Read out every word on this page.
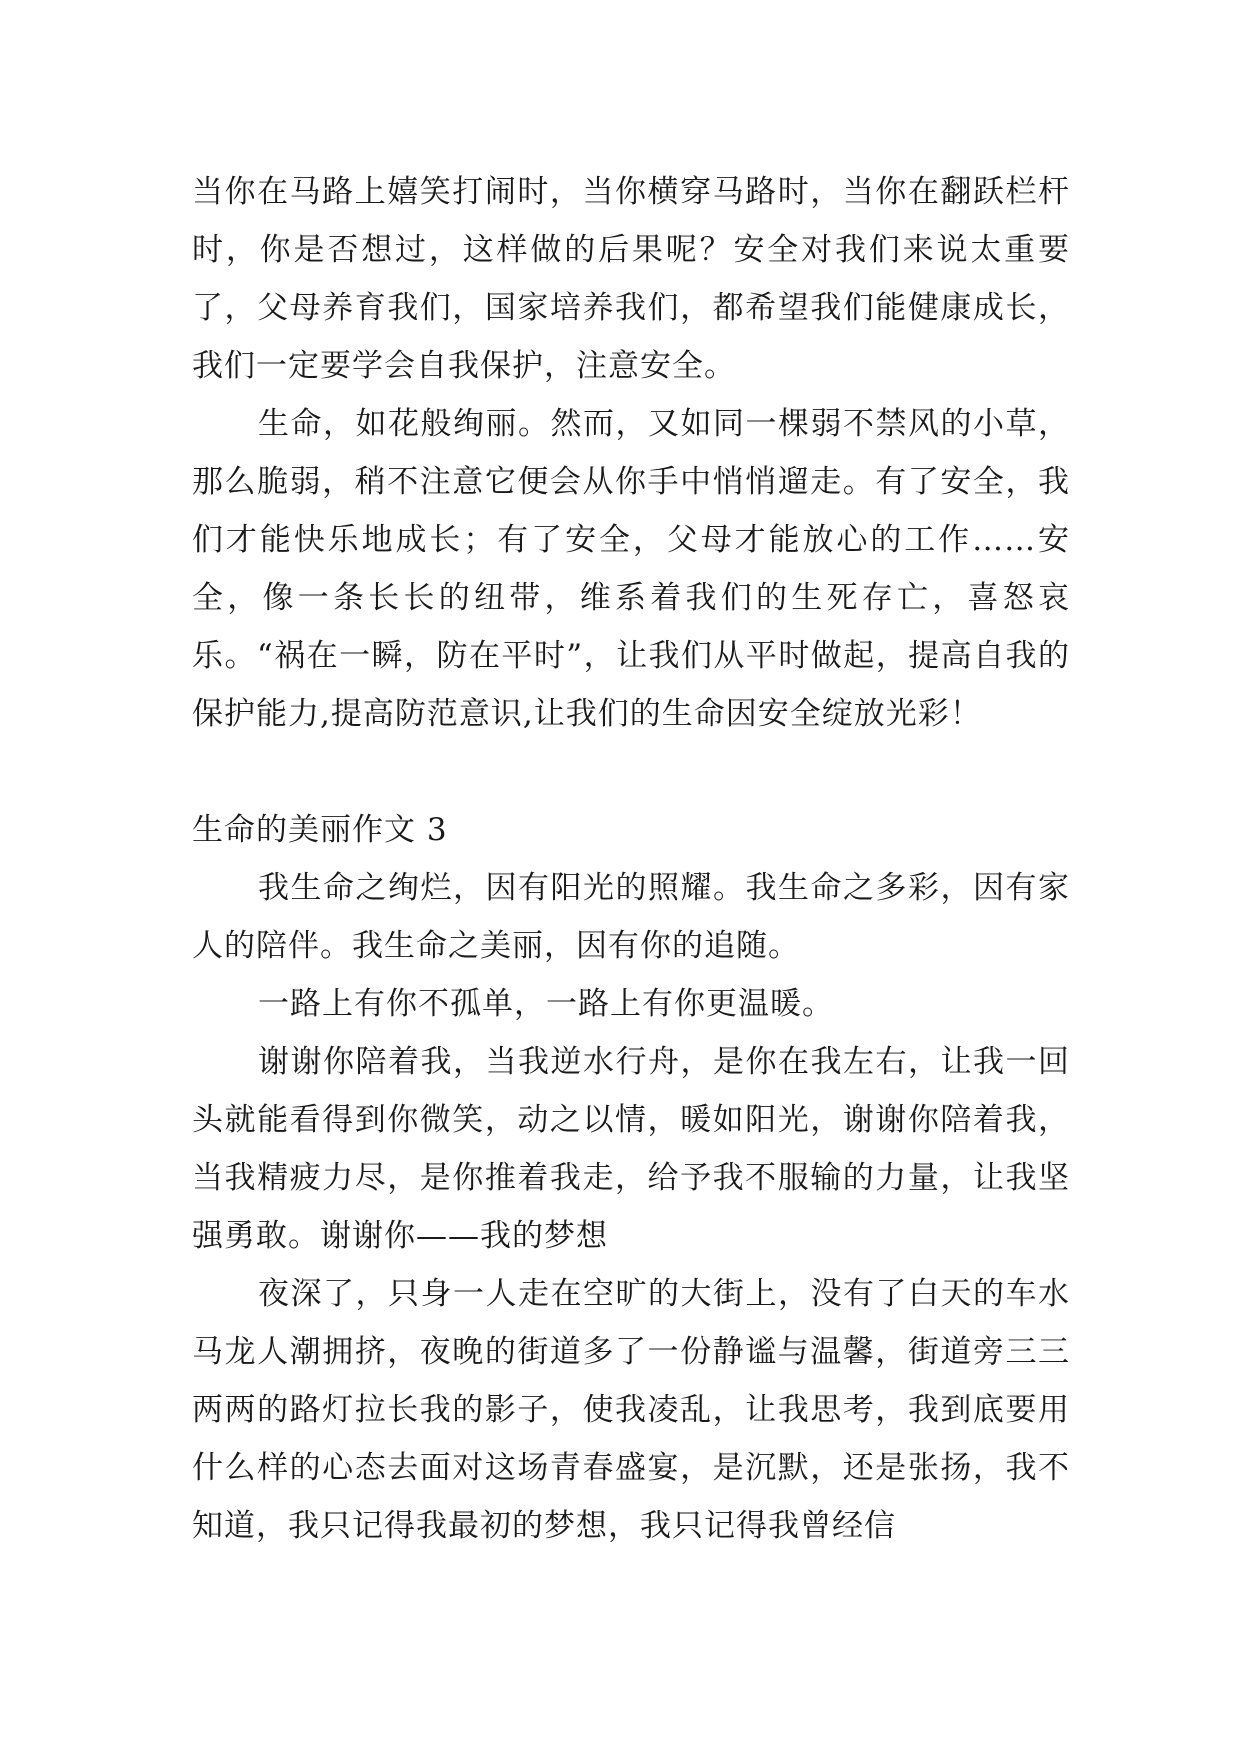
当你在马路上嬉笑打闹时，当你横穿马路时，当你在翻跃栏杆时，你是否想过，这样做的后果呢？安全对我们来说太重要了，父母养育我们，国家培养我们，都希望我们能健康成长，我们一定要学会自我保护，注意安全。

生命，如花般绚丽。然而，又如同一棵弱不禁风的小草，那么脆弱，稍不注意它便会从你手中悄悄遛走。有了安全，我们才能快乐地成长；有了安全，父母才能放心的工作……安全，像一条长长的纽带，维系着我们的生死存亡，喜怒哀乐。“祸在一瞬，防在平时”，让我们从平时做起，提高自我的保护能力,提高防范意识,让我们的生命因安全绽放光彩！

生命的美丽作文 3

我生命之绚烂，因有阳光的照耀。我生命之多彩，因有家人的陪伴。我生命之美丽，因有你的追随。

一路上有你不孤单，一路上有你更温暖。

谢谢你陪着我，当我逆水行舟，是你在我左右，让我一回头就能看得到你微笑，动之以情，暖如阳光，谢谢你陪着我，当我精疲力尽，是你推着我走，给予我不服输的力量，让我坚强勇敢。谢谢你——我的梦想

夜深了，只身一人走在空旷的大街上，没有了白天的车水马龙人潮拥挤，夜晚的街道多了一份静谧与温馨，街道旁三三两两的路灯拉长我的影子，使我凌乱，让我思考，我到底要用什么样的心态去面对这场青春盛宴，是沉默，还是张扬，我不知道，我只记得我最初的梦想，我只记得我曾经信
